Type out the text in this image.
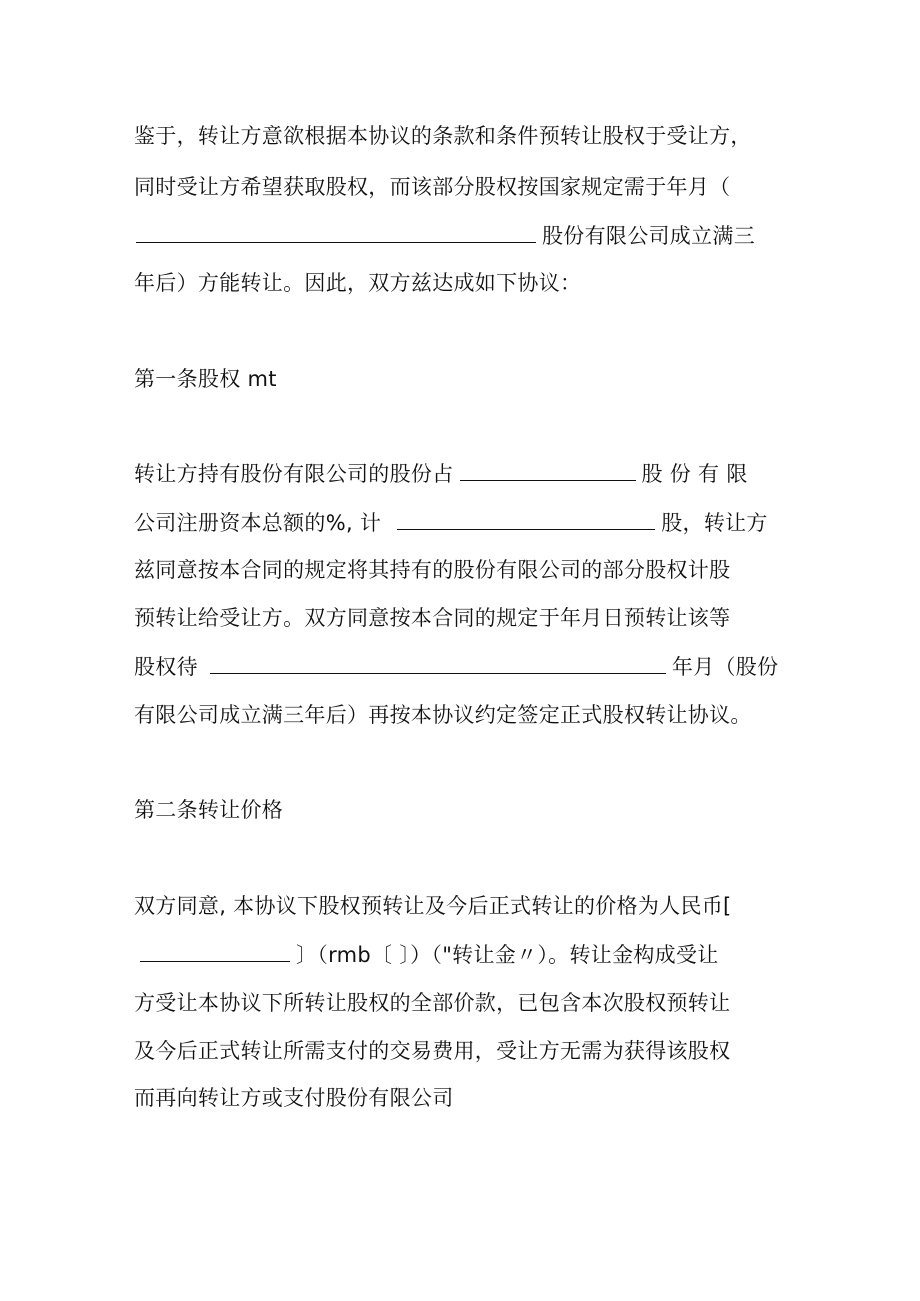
鉴于，转让方意欲根据本协议的条款和条件预转让股权于受让方，
同时受让方希望获取股权，而该部分股权按国家规定需于年月（
股份有限公司成立满三
年后）方能转让。因此，双方兹达成如下协议：
第一条股权 mt
转让方持有股份有限公司的股份占	股 份 有 限
公司注册资本总额的%, 计	股，转让方
兹同意按本合同的规定将其持有的股份有限公司的部分股权计股
预转让给受让方。双方同意按本合同的规定于年月日预转让该等
股权待	年月（股份
有限公司成立满三年后）再按本协议约定签定正式股权转让协议。
第二条转让价格
双方同意, 本协议下股权预转让及今后正式转让的价格为人民币[
〕（rmb〔 〕）（"转让金〃）。转让金构成受让
方受让本协议下所转让股权的全部价款，已包含本次股权预转让
及今后正式转让所需支付的交易费用，受让方无需为获得该股权
而再向转让方或支付股份有限公司
